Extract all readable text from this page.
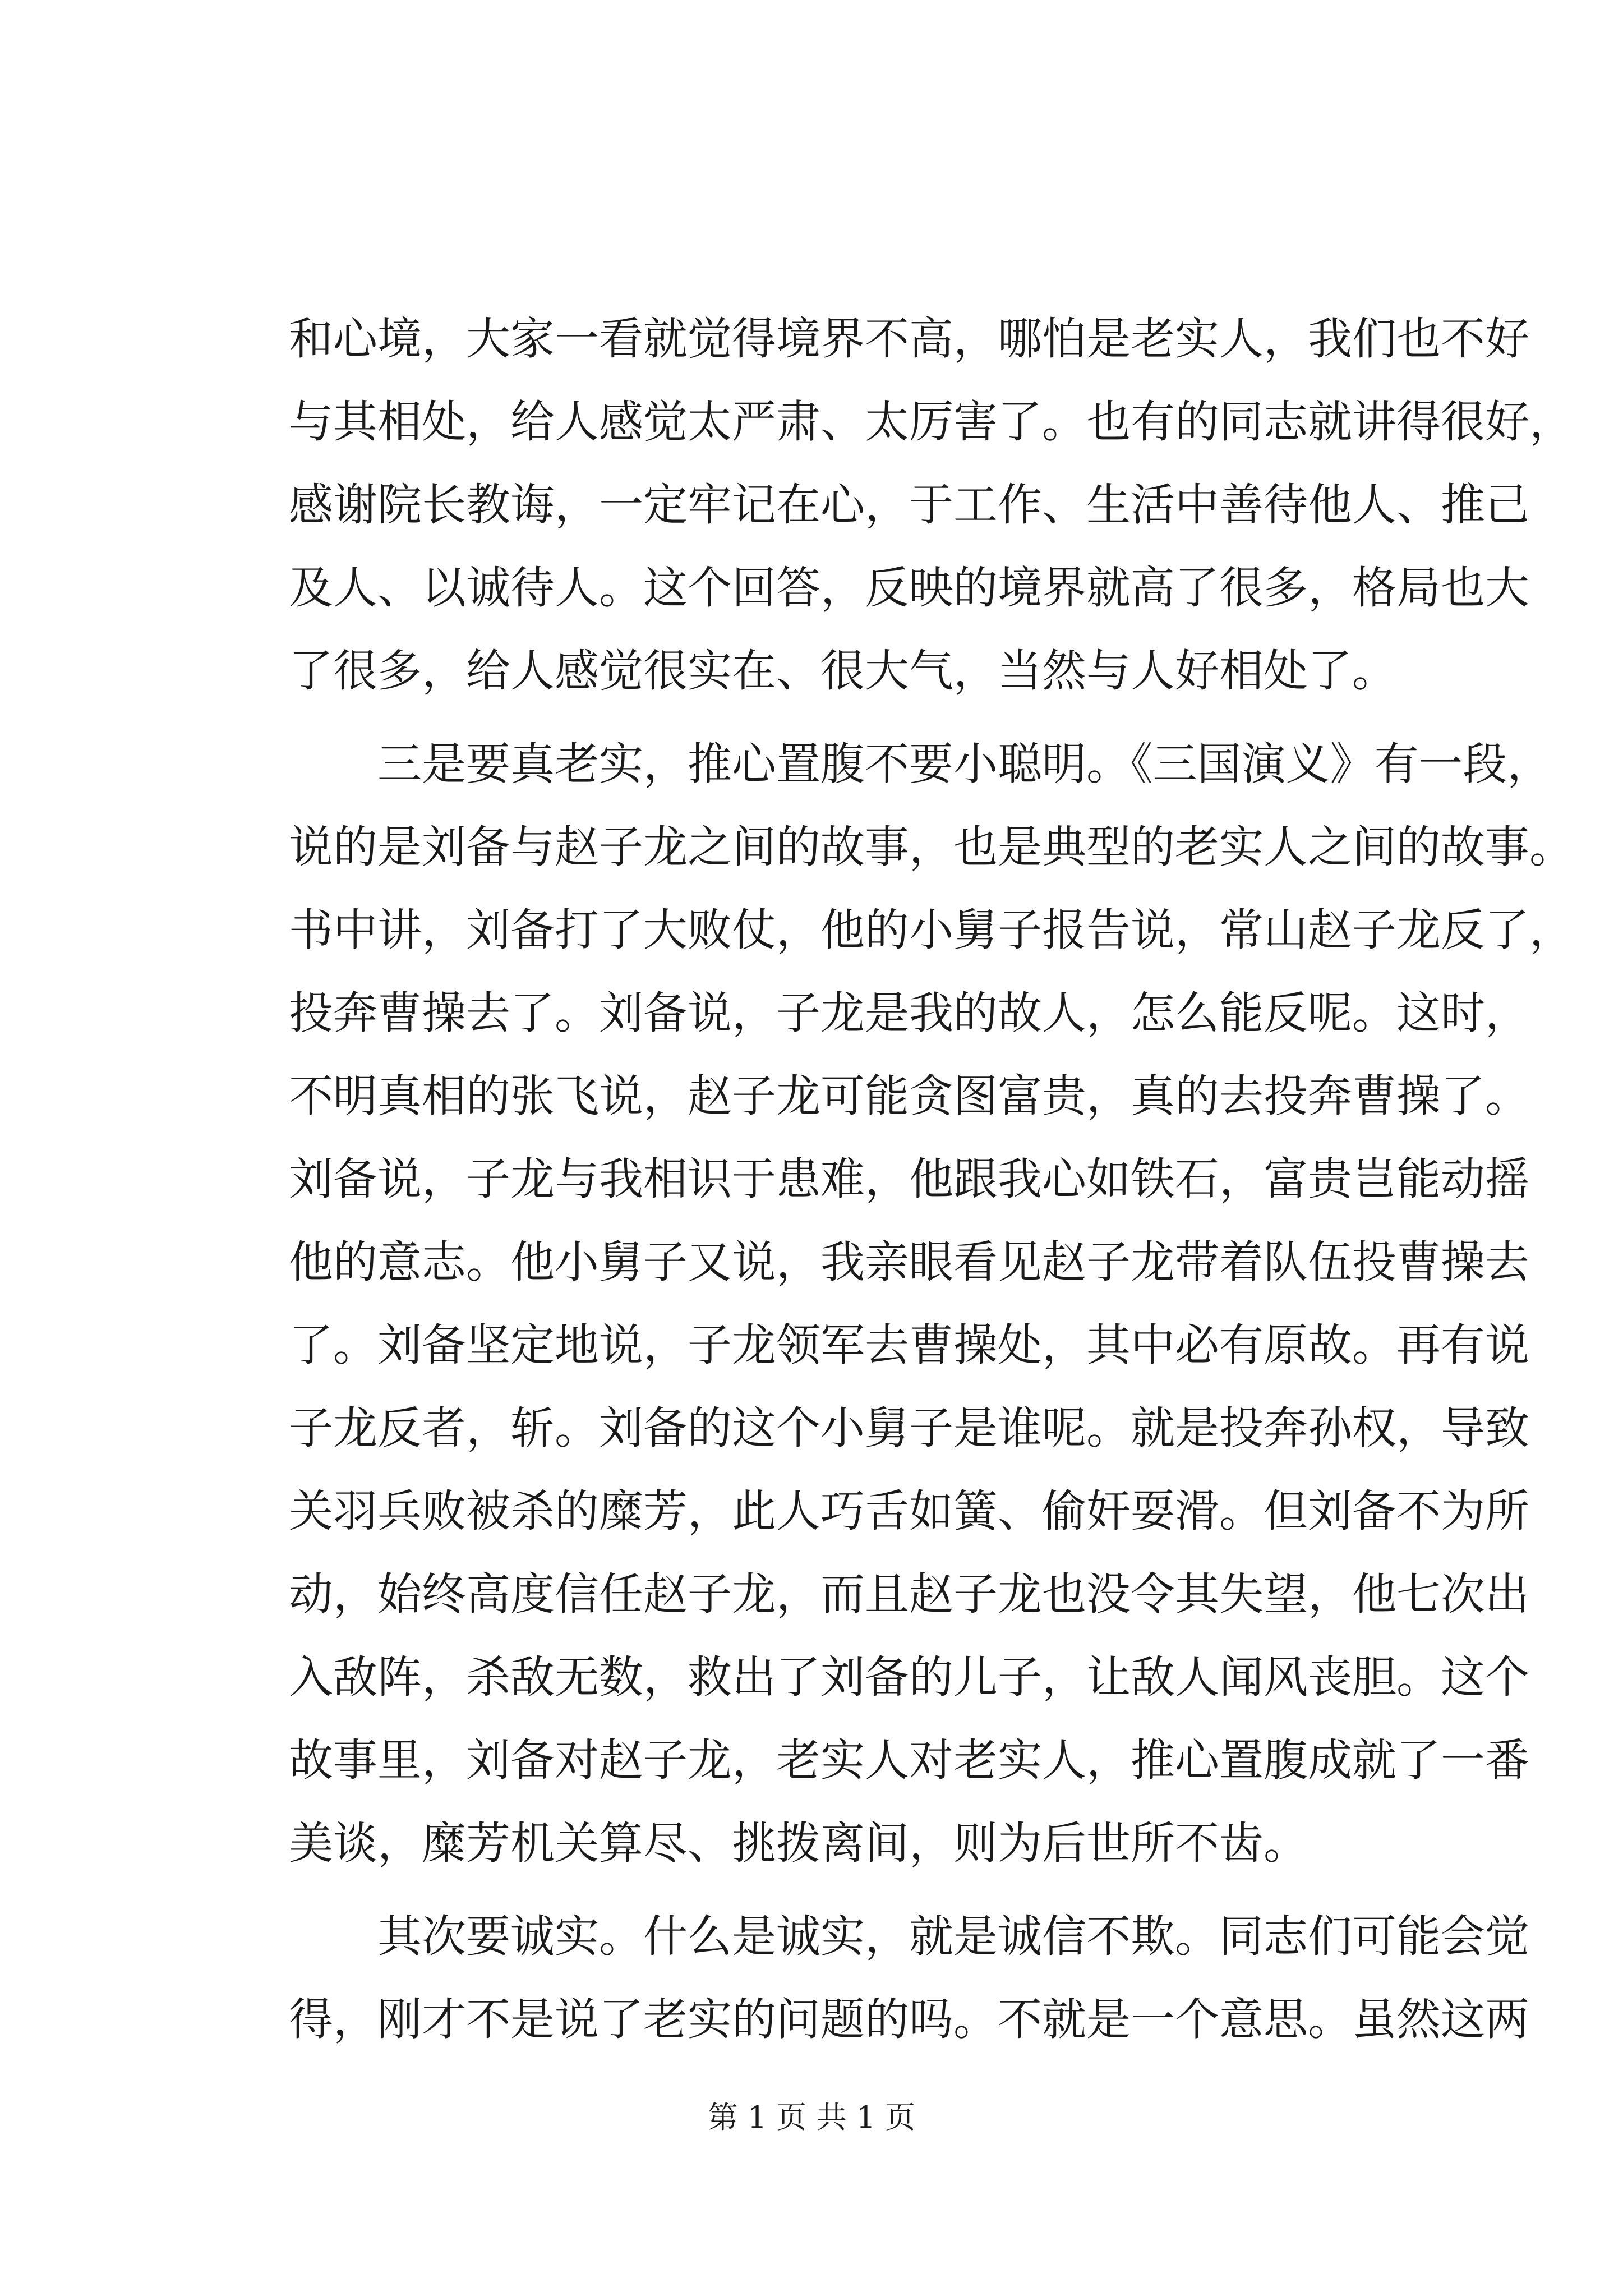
和心境，大家一看就觉得境界不高，哪怕是老实人，我们也不好
与其相处，给人感觉太严肃、太厉害了。也有的同志就讲得很好，
感谢院长教诲，一定牢记在心，于工作、生活中善待他人、推己
及人、以诚待人。这个回答，反映的境界就高了很多，格局也大
了很多，给人感觉很实在、很大气，当然与人好相处了。
　　三是要真老实，推心置腹不要小聪明。《三国演义》有一段，
说的是刘备与赵子龙之间的故事，也是典型的老实人之间的故事。
书中讲，刘备打了大败仗，他的小舅子报告说，常山赵子龙反了，
投奔曹操去了。刘备说，子龙是我的故人，怎么能反呢。这时，
不明真相的张飞说，赵子龙可能贪图富贵，真的去投奔曹操了。
刘备说，子龙与我相识于患难，他跟我心如铁石，富贵岂能动摇
他的意志。他小舅子又说，我亲眼看见赵子龙带着队伍投曹操去
了。刘备坚定地说，子龙领军去曹操处，其中必有原故。再有说
子龙反者，斩。刘备的这个小舅子是谁呢。就是投奔孙权，导致
关羽兵败被杀的糜芳，此人巧舌如簧、偷奸耍滑。但刘备不为所
动，始终高度信任赵子龙，而且赵子龙也没令其失望，他七次出
入敌阵，杀敌无数，救出了刘备的儿子，让敌人闻风丧胆。这个
故事里，刘备对赵子龙，老实人对老实人，推心置腹成就了一番
美谈，糜芳机关算尽、挑拨离间，则为后世所不齿。
　　其次要诚实。什么是诚实，就是诚信不欺。同志们可能会觉
得，刚才不是说了老实的问题的吗。不就是一个意思。虽然这两
第 1 页 共 1 页
